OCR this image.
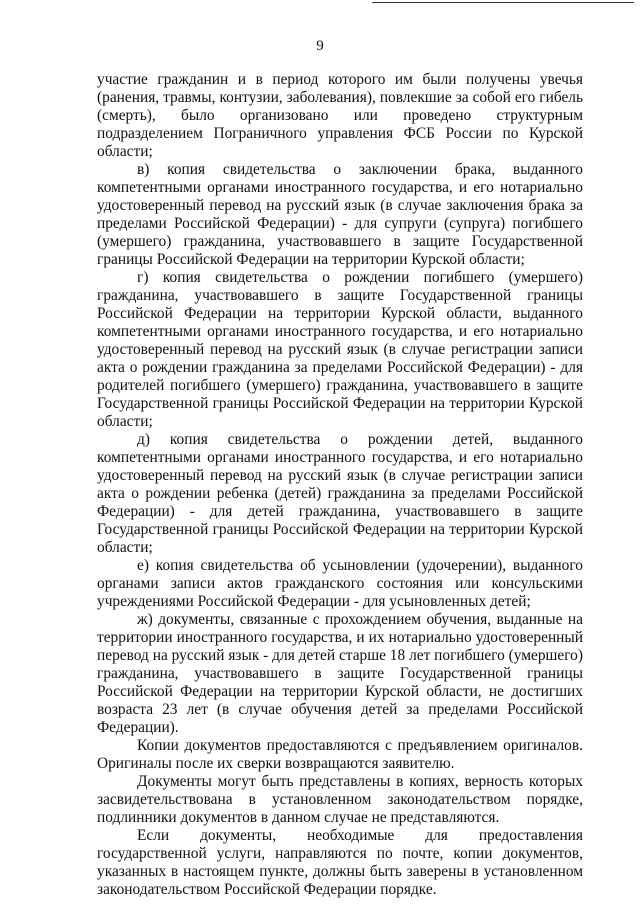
9

участие гражданин и в период которого им были получены увечья (ранения, травмы, контузии, заболевания), повлекшие за собой его гибель (смерть), было организовано или проведено структурным подразделением Пограничного управления ФСБ России по Курской области;

в) копия свидетельства о заключении брака, выданного компетентными органами иностранного государства, и его нотариально удостоверенный перевод на русский язык (в случае заключения брака за пределами Российской Федерации) - для супруги (супруга) погибшего (умершего) гражданина, участвовавшего в защите Государственной границы Российской Федерации на территории Курской области;

г) копия свидетельства о рождении погибшего (умершего) гражданина, участвовавшего в защите Государственной границы Российской Федерации на территории Курской области, выданного компетентными органами иностранного государства, и его нотариально удостоверенный перевод на русский язык (в случае регистрации записи акта о рождении гражданина за пределами Российской Федерации) - для родителей погибшего (умершего) гражданина, участвовавшего в защите Государственной границы Российской Федерации на территории Курской области;

д) копия свидетельства о рождении детей, выданного компетентными органами иностранного государства, и его нотариально удостоверенный перевод на русский язык (в случае регистрации записи акта о рождении ребенка (детей) гражданина за пределами Российской Федерации) - для детей гражданина, участвовавшего в защите Государственной границы Российской Федерации на территории Курской области;

е) копия свидетельства об усыновлении (удочерении), выданного органами записи актов гражданского состояния или консульскими учреждениями Российской Федерации - для усыновленных детей;

ж) документы, связанные с прохождением обучения, выданные на территории иностранного государства, и их нотариально удостоверенный перевод на русский язык - для детей старше 18 лет погибшего (умершего) гражданина, участвовавшего в защите Государственной границы Российской Федерации на территории Курской области, не достигших возраста 23 лет (в случае обучения детей за пределами Российской Федерации).

Копии документов предоставляются с предъявлением оригиналов. Оригиналы после их сверки возвращаются заявителю.

Документы могут быть представлены в копиях, верность которых засвидетельствована в установленном законодательством порядке, подлинники документов в данном случае не представляются.

Если документы, необходимые для предоставления государственной услуги, направляются по почте, копии документов, указанных в настоящем пункте, должны быть заверены в установленном законодательством Российской Федерации порядке.
